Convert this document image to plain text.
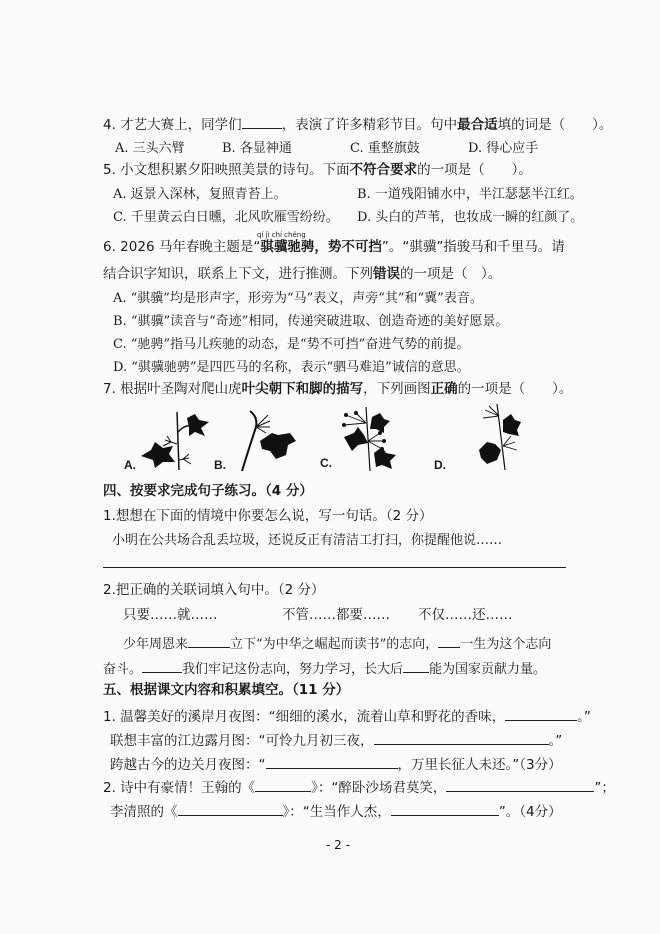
4. 才艺大赛上，同学们	，表演了许多精彩节目。句中最合适填的词是（　　）。
A. 三头六臂	B. 各显神通	C. 重整旗鼓	D. 得心应手
5. 小文想积累夕阳映照美景的诗句。下面不符合要求的一项是（　　）。
A. 返景入深林，复照青苔上。	B. 一道残阳铺水中，半江瑟瑟半江红。
C. 千里黄云白日曛，北风吹雁雪纷纷。 D. 头白的芦苇，也妆成一瞬的红颜了。
qí jì chí chěng
6. 2026 马年春晚主题是“骐骥驰骋，势不可挡”。“骐骥”指骏马和千里马。请
结合识字知识，联系上下文，进行推测。下列错误的一项是（　）。
A. “骐骥”均是形声字，形旁为“马”表义，声旁“其”和“冀”表音。
B. “骐骥”读音与“奇迹”相同，传递突破进取、创造奇迹的美好愿景。
C. “驰骋”指马儿疾驰的动态，是“势不可挡”奋进气势的前提。
D. “骐骥驰骋”是四匹马的名称，表示“驷马难追”诚信的意思。
7. 根据叶圣陶对爬山虎叶尖朝下和脚的描写，下列画图正确的一项是（　　）。
A.	B.	C.	D.
四、按要求完成句子练习。（4 分）
1.想想在下面的情境中你要怎么说，写一句话。（2 分）
小明在公共场合乱丢垃圾，还说反正有清洁工打扫，你提醒他说……
2.把正确的关联词填入句中。（2 分）
只要……就……	不管……都要…… 不仅……还……
少年周恩来	立下“为中华之崛起而读书”的志向， 一生为这个志向
奋斗。	我们牢记这份志向，努力学习，长大后 能为国家贡献力量。
五、根据课文内容和积累填空。（11 分）
1. 温馨美好的溪岸月夜图：“细细的溪水，流着山草和野花的香味，	。”
联想丰富的江边露月图：“可怜九月初三夜，	。”
跨越古今的边关月夜图：“	，万里长征人未还。”（3分）
2. 诗中有豪情！王翰的《	》：“醉卧沙场君莫笑，	”；
李清照的《	》：“生当作人杰，	”。（4分）
- 2 -
